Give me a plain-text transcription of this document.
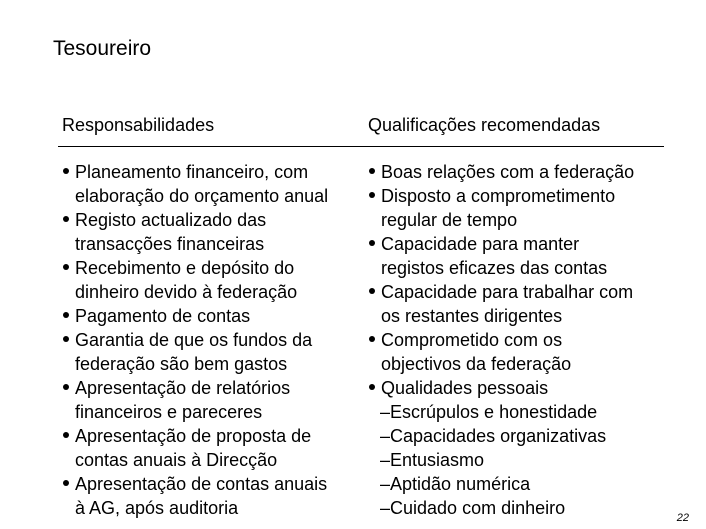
Tesoureiro
Responsabilidades	Qualificações recomendadas
Planeamento financeiro, com
elaboração do orçamento anual
Registo actualizado das
transacções financeiras
Recebimento e depósito do
dinheiro devido à federação
Pagamento de contas
Garantia de que os fundos da
federação são bem gastos
Apresentação de relatórios
financeiros e pareceres
Apresentação de proposta de
contas anuais à Direcção
Apresentação de contas anuais
à AG, após auditoria
Boas relações com a federação
Disposto a comprometimento
regular de tempo
Capacidade para manter
registos eficazes das contas
Capacidade para trabalhar com
os restantes dirigentes
Comprometido com os
objectivos da federação
Qualidades pessoais
–Escrúpulos e honestidade
–Capacidades organizativas
–Entusiasmo
–Aptidão numérica
–Cuidado com dinheiro	22
